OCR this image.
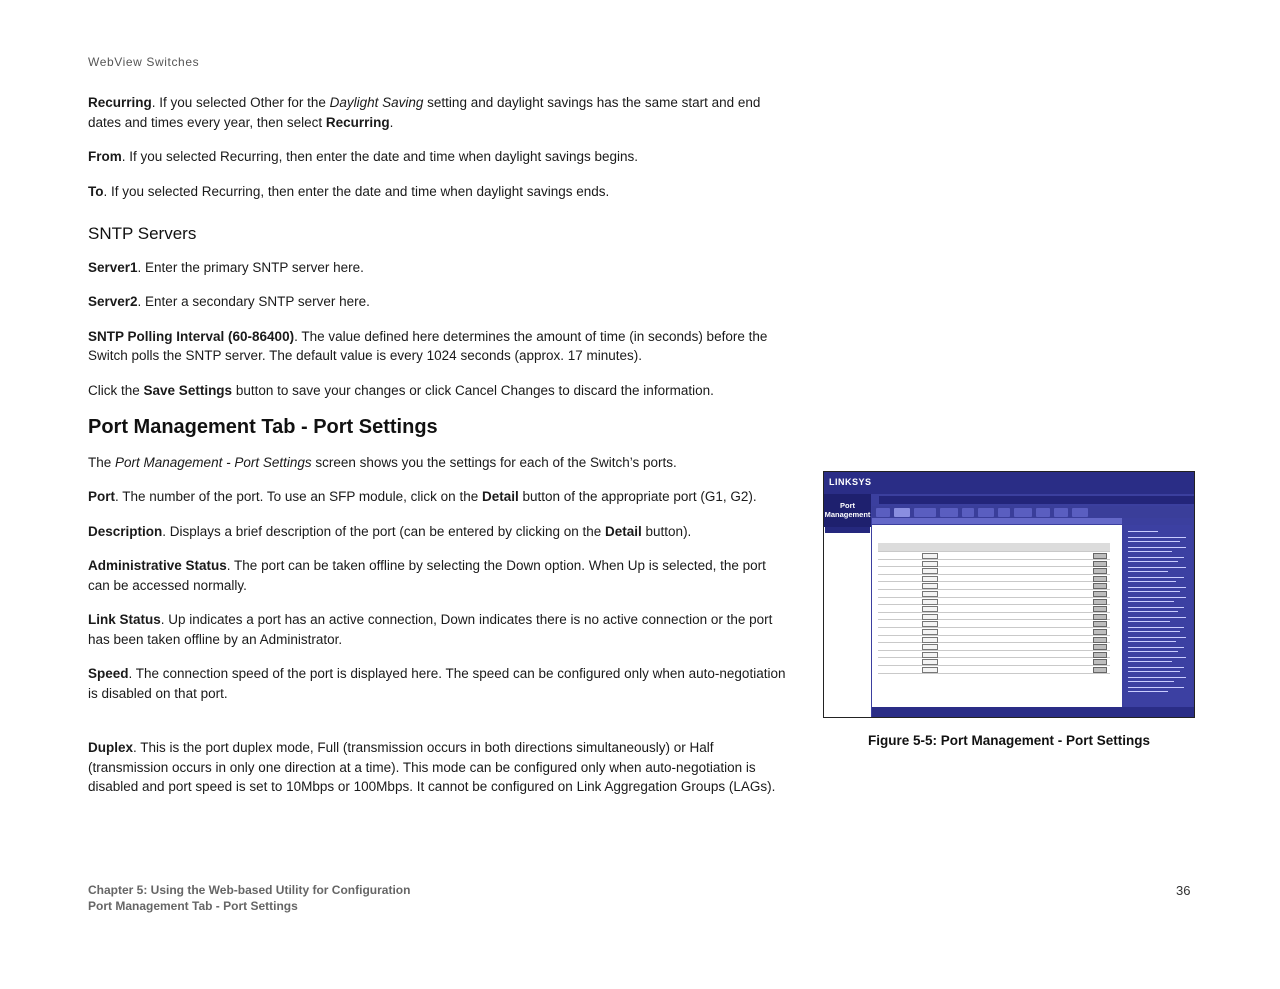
WebView Switches

Recurring. If you selected Other for the Daylight Saving setting and daylight savings has the same start and end dates and times every year, then select Recurring.

From. If you selected Recurring, then enter the date and time when daylight savings begins.

To. If you selected Recurring, then enter the date and time when daylight savings ends.

SNTP Servers

Server1. Enter the primary SNTP server here.

Server2. Enter a secondary SNTP server here.

SNTP Polling Interval (60-86400). The value defined here determines the amount of time (in seconds) before the Switch polls the SNTP server. The default value is every 1024 seconds (approx. 17 minutes).

Click the Save Settings button to save your changes or click Cancel Changes to discard the information.

Port Management Tab - Port Settings

The Port Management - Port Settings screen shows you the settings for each of the Switch’s ports.

Port. The number of the port. To use an SFP module, click on the Detail button of the appropriate port (G1, G2).

Description. Displays a brief description of the port (can be entered by clicking on the Detail button).

Administrative Status. The port can be taken offline by selecting the Down option. When Up is selected, the port can be accessed normally.

Link Status. Up indicates a port has an active connection, Down indicates there is no active connection or the port has been taken offline by an Administrator.

Speed. The connection speed of the port is displayed here. The speed can be configured only when auto-negotiation is disabled on that port.

Duplex. This is the port duplex mode, Full (transmission occurs in both directions simultaneously) or Half (transmission occurs in only one direction at a time). This mode can be configured only when auto-negotiation is disabled and port speed is set to 10Mbps or 100Mbps. It cannot be configured on Link Aggregation Groups (LAGs).

LINKSYS
Port Management
Figure 5-5: Port Management - Port Settings
Chapter 5: Using the Web-based Utility for Configuration
Port Management Tab - Port Settings
36
